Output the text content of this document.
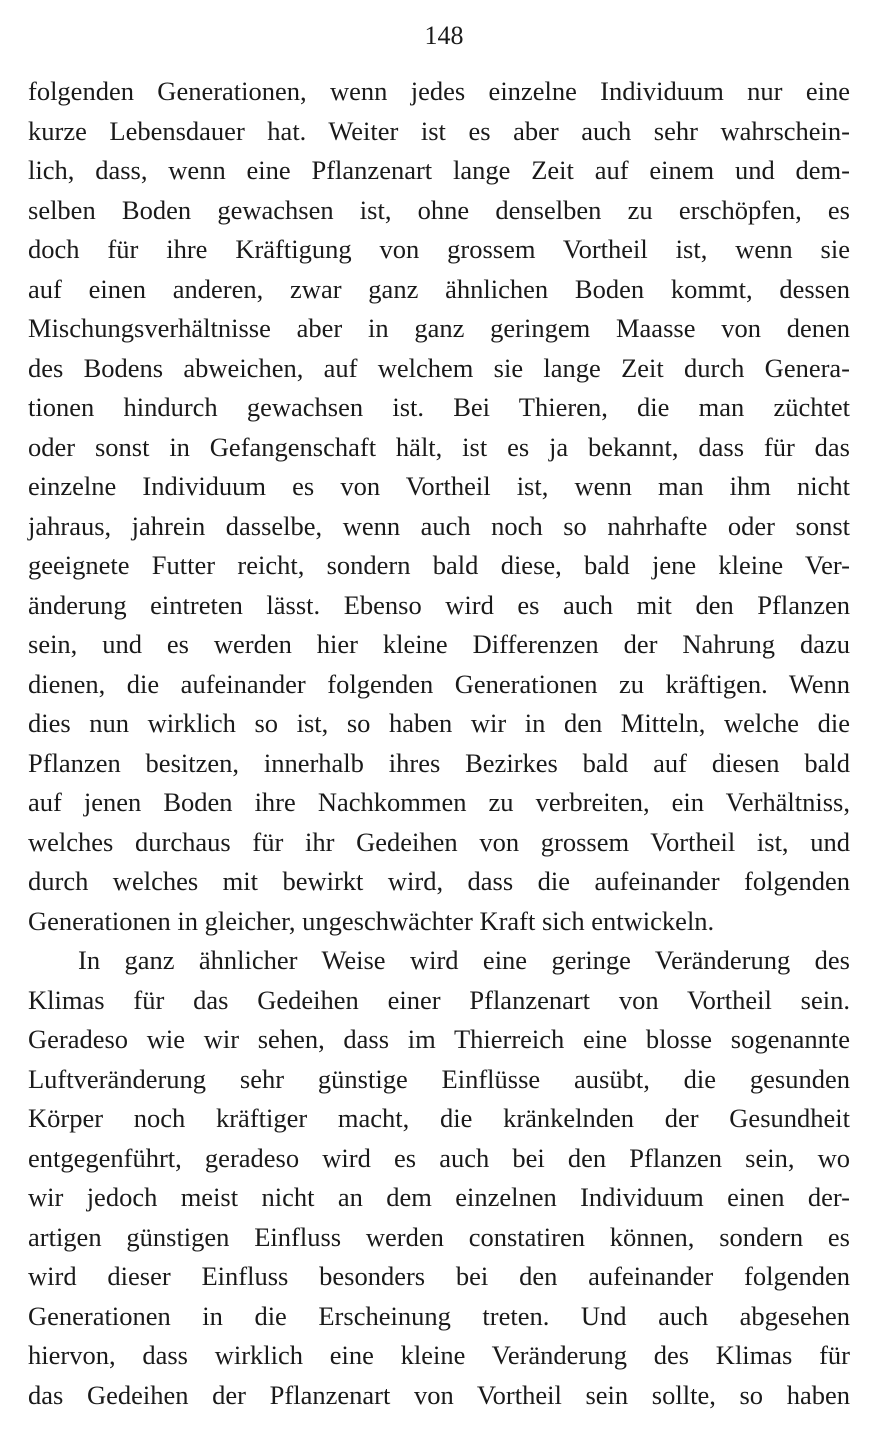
148
folgenden Generationen, wenn jedes einzelne Individuum nur eine
kurze Lebensdauer hat. Weiter ist es aber auch sehr wahrschein-
lich, dass, wenn eine Pflanzenart lange Zeit auf einem und dem-
selben Boden gewachsen ist, ohne denselben zu erschöpfen, es
doch für ihre Kräftigung von grossem Vortheil ist, wenn sie
auf einen anderen, zwar ganz ähnlichen Boden kommt, dessen
Mischungsverhältnisse aber in ganz geringem Maasse von denen
des Bodens abweichen, auf welchem sie lange Zeit durch Genera-
tionen hindurch gewachsen ist. Bei Thieren, die man züchtet
oder sonst in Gefangenschaft hält, ist es ja bekannt, dass für das
einzelne Individuum es von Vortheil ist, wenn man ihm nicht
jahraus, jahrein dasselbe, wenn auch noch so nahrhafte oder sonst
geeignete Futter reicht, sondern bald diese, bald jene kleine Ver-
änderung eintreten lässt. Ebenso wird es auch mit den Pflanzen
sein, und es werden hier kleine Differenzen der Nahrung dazu
dienen, die aufeinander folgenden Generationen zu kräftigen. Wenn
dies nun wirklich so ist, so haben wir in den Mitteln, welche die
Pflanzen besitzen, innerhalb ihres Bezirkes bald auf diesen bald
auf jenen Boden ihre Nachkommen zu verbreiten, ein Verhältniss,
welches durchaus für ihr Gedeihen von grossem Vortheil ist, und
durch welches mit bewirkt wird, dass die aufeinander folgenden
Generationen in gleicher, ungeschwächter Kraft sich entwickeln.
In ganz ähnlicher Weise wird eine geringe Veränderung des
Klimas für das Gedeihen einer Pflanzenart von Vortheil sein.
Geradeso wie wir sehen, dass im Thierreich eine blosse sogenannte
Luftveränderung sehr günstige Einflüsse ausübt, die gesunden
Körper noch kräftiger macht, die kränkelnden der Gesundheit
entgegenführt, geradeso wird es auch bei den Pflanzen sein, wo
wir jedoch meist nicht an dem einzelnen Individuum einen der-
artigen günstigen Einfluss werden constatiren können, sondern es
wird dieser Einfluss besonders bei den aufeinander folgenden
Generationen in die Erscheinung treten. Und auch abgesehen
hiervon, dass wirklich eine kleine Veränderung des Klimas für
das Gedeihen der Pflanzenart von Vortheil sein sollte, so haben
